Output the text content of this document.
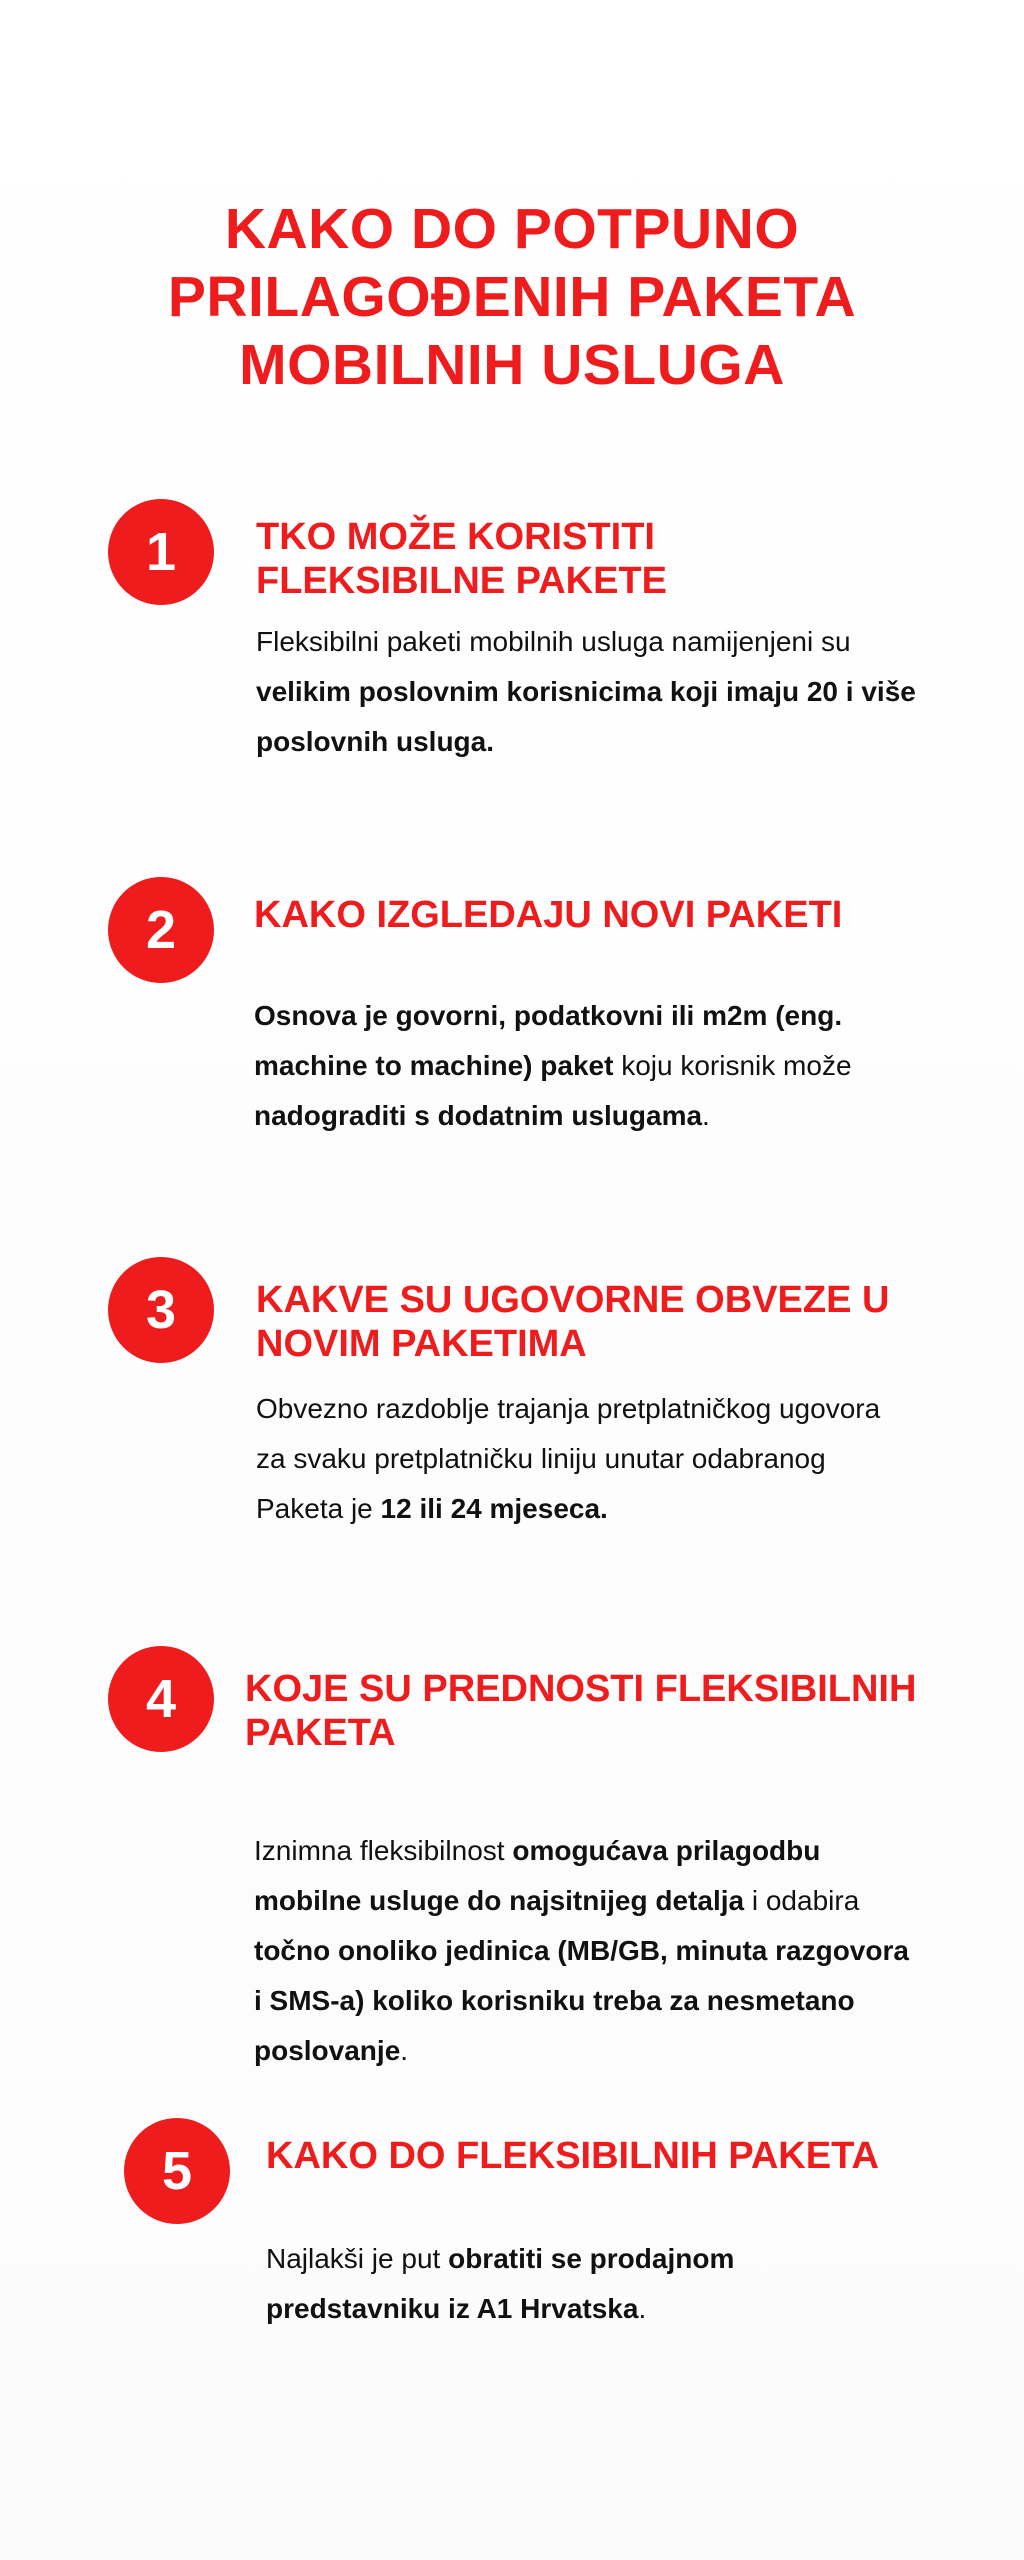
KAKO DO POTPUNO
PRILAGOĐENIH PAKETA
MOBILNIH USLUGA
1	TKO MOŽE KORISTITI
FLEKSIBILNE PAKETE

Fleksibilni paketi mobilnih usluga namijenjeni su velikim poslovnim korisnicima koji imaju 20 i više poslovnih usluga.

2	KAKO IZGLEDAJU NOVI PAKETI

Osnova je govorni, podatkovni ili m2m (eng. machine to machine) paket koju korisnik može nadograditi s dodatnim uslugama.

3	KAKVE SU UGOVORNE OBVEZE U
NOVIM PAKETIMA

Obvezno razdoblje trajanja pretplatničkog ugovora za svaku pretplatničku liniju unutar odabranog Paketa je 12 ili 24 mjeseca.

4	KOJE SU PREDNOSTI FLEKSIBILNIH
PAKETA

Iznimna fleksibilnost omogućava prilagodbu mobilne usluge do najsitnijeg detalja i odabira točno onoliko jedinica (MB/GB, minuta razgovora i SMS-a) koliko korisniku treba za nesmetano poslovanje.

5	KAKO DO FLEKSIBILNIH PAKETA

Najlakši je put obratiti se prodajnom predstavniku iz A1 Hrvatska.
